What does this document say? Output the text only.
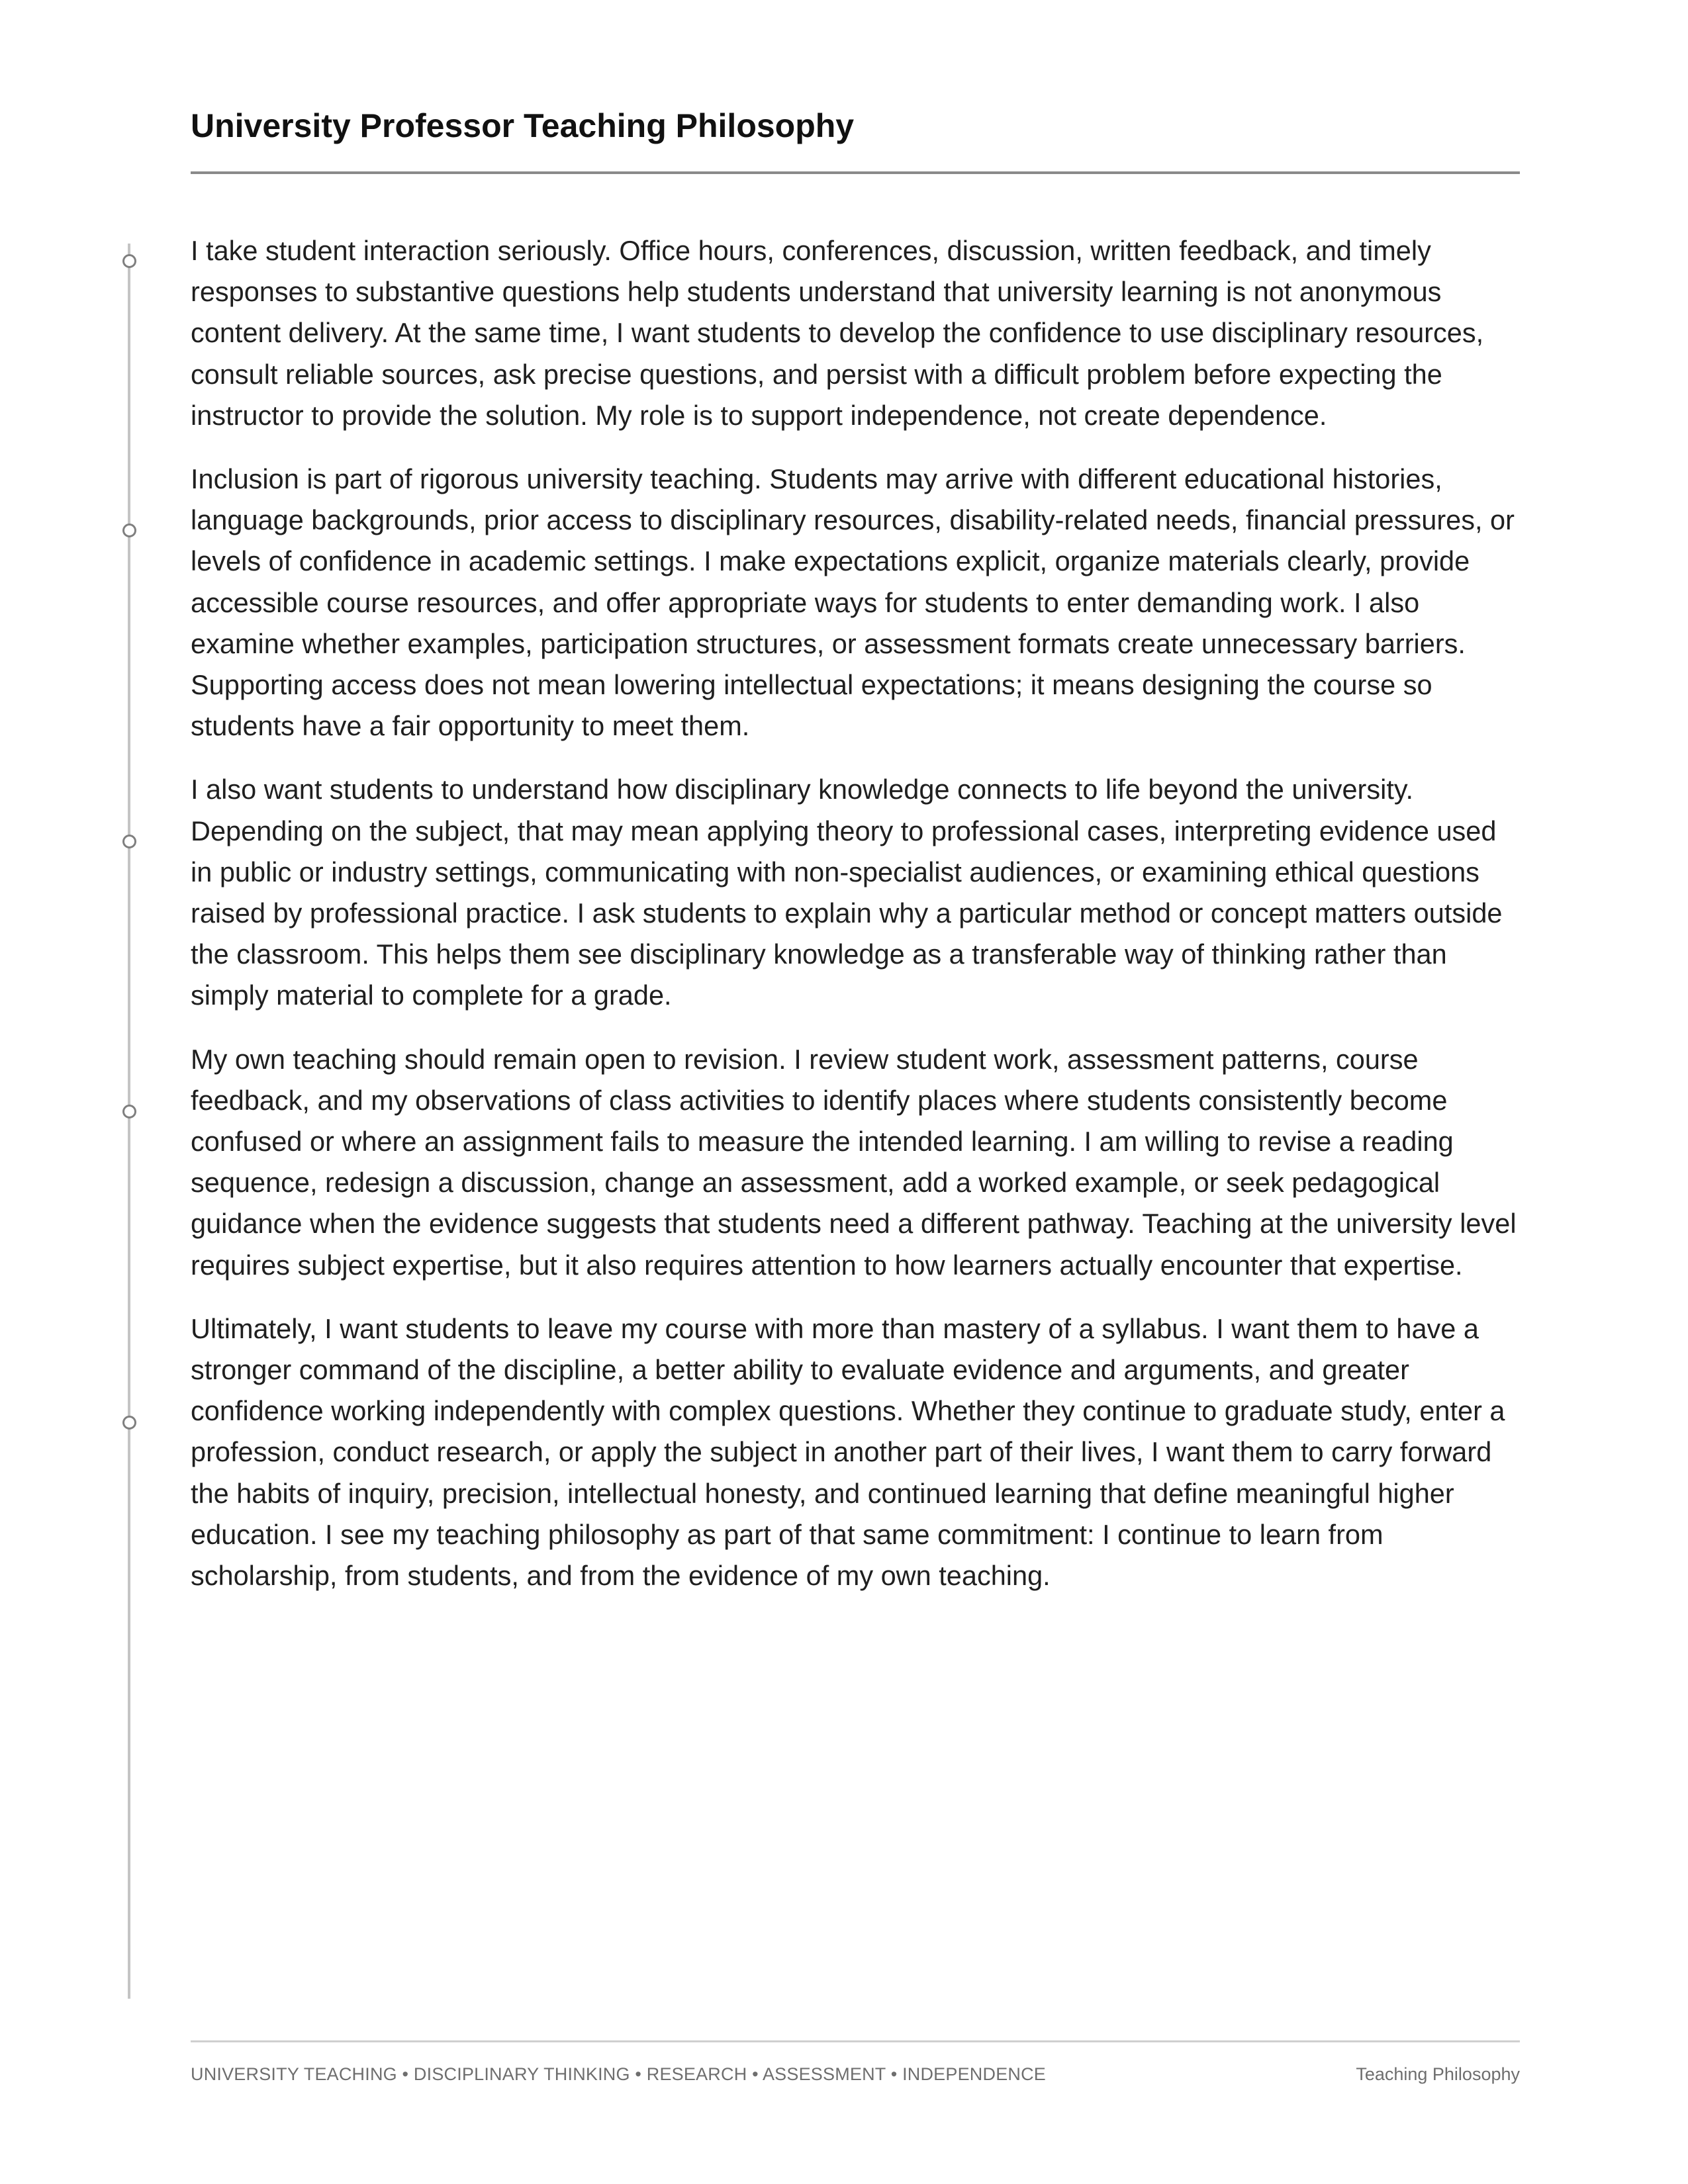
University Professor Teaching Philosophy

I take student interaction seriously. Office hours, conferences, discussion, written feedback, and timely responses to substantive questions help students understand that university learning is not anonymous content delivery. At the same time, I want students to develop the confidence to use disciplinary resources, consult reliable sources, ask precise questions, and persist with a difficult problem before expecting the instructor to provide the solution. My role is to support independence, not create dependence.

Inclusion is part of rigorous university teaching. Students may arrive with different educational histories, language backgrounds, prior access to disciplinary resources, disability-related needs, financial pressures, or levels of confidence in academic settings. I make expectations explicit, organize materials clearly, provide accessible course resources, and offer appropriate ways for students to enter demanding work. I also examine whether examples, participation structures, or assessment formats create unnecessary barriers. Supporting access does not mean lowering intellectual expectations; it means designing the course so students have a fair opportunity to meet them.

I also want students to understand how disciplinary knowledge connects to life beyond the university. Depending on the subject, that may mean applying theory to professional cases, interpreting evidence used in public or industry settings, communicating with non-specialist audiences, or examining ethical questions raised by professional practice. I ask students to explain why a particular method or concept matters outside the classroom. This helps them see disciplinary knowledge as a transferable way of thinking rather than simply material to complete for a grade.

My own teaching should remain open to revision. I review student work, assessment patterns, course feedback, and my observations of class activities to identify places where students consistently become confused or where an assignment fails to measure the intended learning. I am willing to revise a reading sequence, redesign a discussion, change an assessment, add a worked example, or seek pedagogical guidance when the evidence suggests that students need a different pathway. Teaching at the university level requires subject expertise, but it also requires attention to how learners actually encounter that expertise.

Ultimately, I want students to leave my course with more than mastery of a syllabus. I want them to have a stronger command of the discipline, a better ability to evaluate evidence and arguments, and greater confidence working independently with complex questions. Whether they continue to graduate study, enter a profession, conduct research, or apply the subject in another part of their lives, I want them to carry forward the habits of inquiry, precision, intellectual honesty, and continued learning that define meaningful higher education. I see my teaching philosophy as part of that same commitment: I continue to learn from scholarship, from students, and from the evidence of my own teaching.

UNIVERSITY TEACHING • DISCIPLINARY THINKING • RESEARCH • ASSESSMENT • INDEPENDENCE	Teaching Philosophy
